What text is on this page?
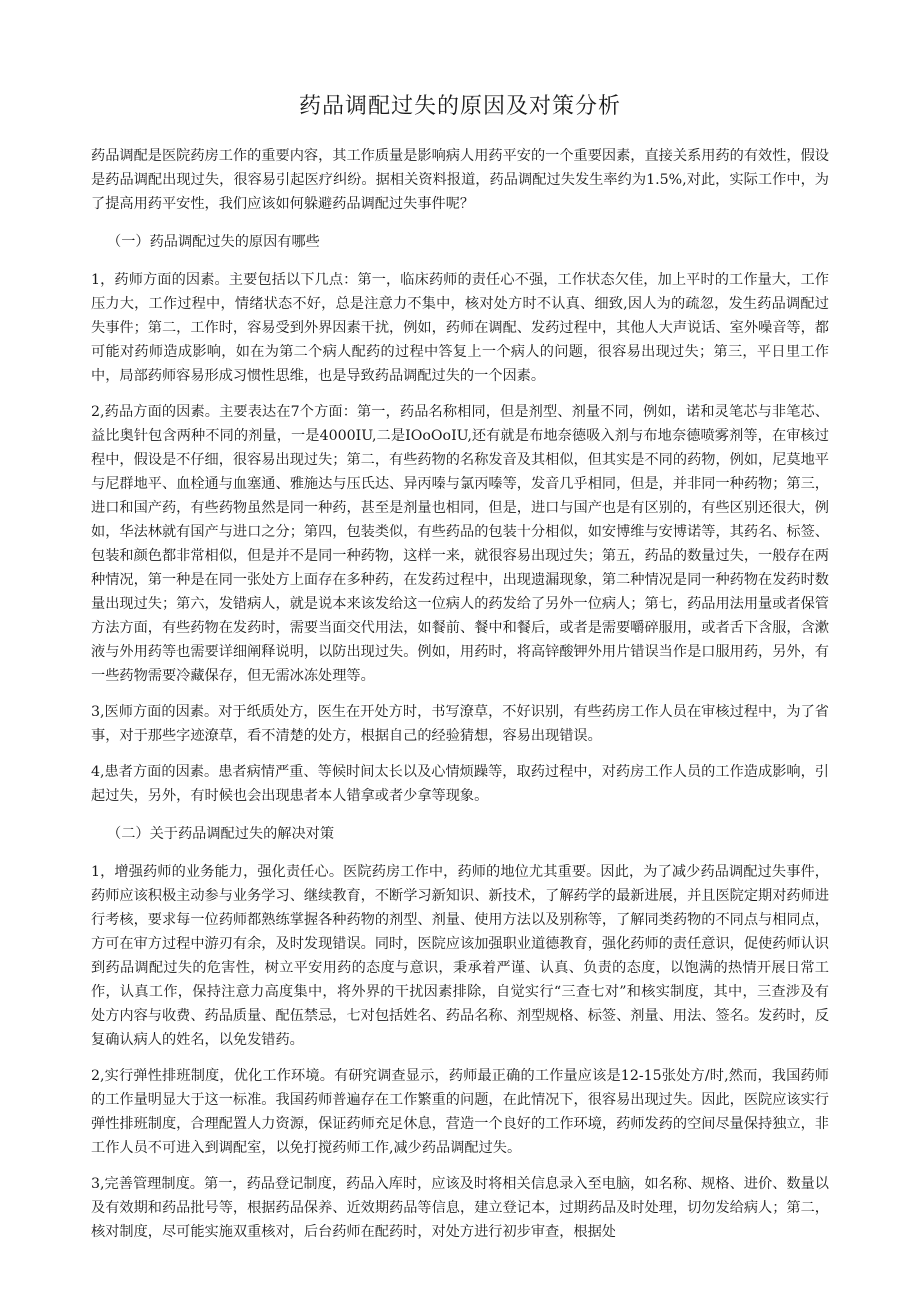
药品调配过失的原因及对策分析

药品调配是医院药房工作的重要内容，其工作质量是影响病人用药平安的一个重要因素，直接关系用药的有效性，假设是药品调配出现过失，很容易引起医疗纠纷。据相关资料报道，药品调配过失发生率约为1.5%,对此，实际工作中，为了提高用药平安性，我们应该如何躲避药品调配过失事件呢？

（一）药品调配过失的原因有哪些

1，药师方面的因素。主要包括以下几点：第一，临床药师的责任心不强，工作状态欠佳，加上平时的工作量大，工作压力大，工作过程中，情绪状态不好，总是注意力不集中，核对处方时不认真、细致,因人为的疏忽，发生药品调配过失事件；第二，工作时，容易受到外界因素干扰，例如，药师在调配、发药过程中，其他人大声说话、室外噪音等，都可能对药师造成影响，如在为第二个病人配药的过程中答复上一个病人的问题，很容易出现过失；第三，平日里工作中，局部药师容易形成习惯性思维，也是导致药品调配过失的一个因素。

2,药品方面的因素。主要表达在7个方面：第一，药品名称相同，但是剂型、剂量不同，例如，诺和灵笔芯与非笔芯、益比奥针包含两种不同的剂量，一是4000IU,二是IOoOoIU,还有就是布地奈德吸入剂与布地奈德喷雾剂等，在审核过程中，假设是不仔细，很容易出现过失；第二，有些药物的名称发音及其相似，但其实是不同的药物，例如，尼莫地平与尼群地平、血栓通与血塞通、雅施达与压氏达、异丙嗪与氯丙嗪等，发音几乎相同，但是，并非同一种药物；第三，进口和国产药，有些药物虽然是同一种药，甚至是剂量也相同，但是，进口与国产也是有区别的，有些区别还很大，例如，华法林就有国产与进口之分；第四，包装类似，有些药品的包装十分相似，如安博维与安博诺等，其药名、标签、包装和颜色都非常相似，但是并不是同一种药物，这样一来，就很容易出现过失；第五，药品的数量过失，一般存在两种情况，第一种是在同一张处方上面存在多种药，在发药过程中，出现遗漏现象，第二种情况是同一种药物在发药时数量出现过失；第六，发错病人，就是说本来该发给这一位病人的药发给了另外一位病人；第七，药品用法用量或者保管方法方面，有些药物在发药时，需要当面交代用法，如餐前、餐中和餐后，或者是需要嚼碎服用，或者舌下含服，含漱液与外用药等也需要详细阐释说明，以防出现过失。例如，用药时，将高锌酸钾外用片错误当作是口服用药，另外，有一些药物需要冷藏保存，但无需冰冻处理等。

3,医师方面的因素。对于纸质处方，医生在开处方时，书写潦草，不好识别，有些药房工作人员在审核过程中，为了省事，对于那些字迹潦草，看不清楚的处方，根据自己的经验猜想，容易出现错误。

4,患者方面的因素。患者病情严重、等候时间太长以及心情烦躁等，取药过程中，对药房工作人员的工作造成影响，引起过失，另外，有时候也会出现患者本人错拿或者少拿等现象。

（二）关于药品调配过失的解决对策

1，增强药师的业务能力，强化责任心。医院药房工作中，药师的地位尤其重要。因此，为了减少药品调配过失事件，药师应该积极主动参与业务学习、继续教育，不断学习新知识、新技术，了解药学的最新进展，并且医院定期对药师进行考核，要求每一位药师都熟练掌握各种药物的剂型、剂量、使用方法以及别称等，了解同类药物的不同点与相同点，方可在审方过程中游刃有余，及时发现错误。同时，医院应该加强职业道德教育，强化药师的责任意识，促使药师认识到药品调配过失的危害性，树立平安用药的态度与意识，秉承着严谨、认真、负责的态度，以饱满的热情开展日常工作，认真工作，保持注意力高度集中，将外界的干扰因素排除，自觉实行“三查七对”和核实制度，其中，三查涉及有处方内容与收费、药品质量、配伍禁忌，七对包括姓名、药品名称、剂型规格、标签、剂量、用法、签名。发药时，反复确认病人的姓名，以免发错药。

2,实行弹性排班制度，优化工作环境。有研究调查显示，药师最正确的工作量应该是12-15张处方/时,然而，我国药师的工作量明显大于这一标准。我国药师普遍存在工作繁重的问题，在此情况下，很容易出现过失。因此，医院应该实行弹性排班制度，合理配置人力资源，保证药师充足休息，营造一个良好的工作环境，药师发药的空间尽量保持独立，非工作人员不可进入到调配室，以免打搅药师工作,减少药品调配过失。

3,完善管理制度。第一，药品登记制度，药品入库时，应该及时将相关信息录入至电脑，如名称、规格、进价、数量以及有效期和药品批号等，根据药品保养、近效期药品等信息，建立登记本，过期药品及时处理，切勿发给病人；第二，核对制度，尽可能实施双重核对，后台药师在配药时，对处方进行初步审查，根据处
